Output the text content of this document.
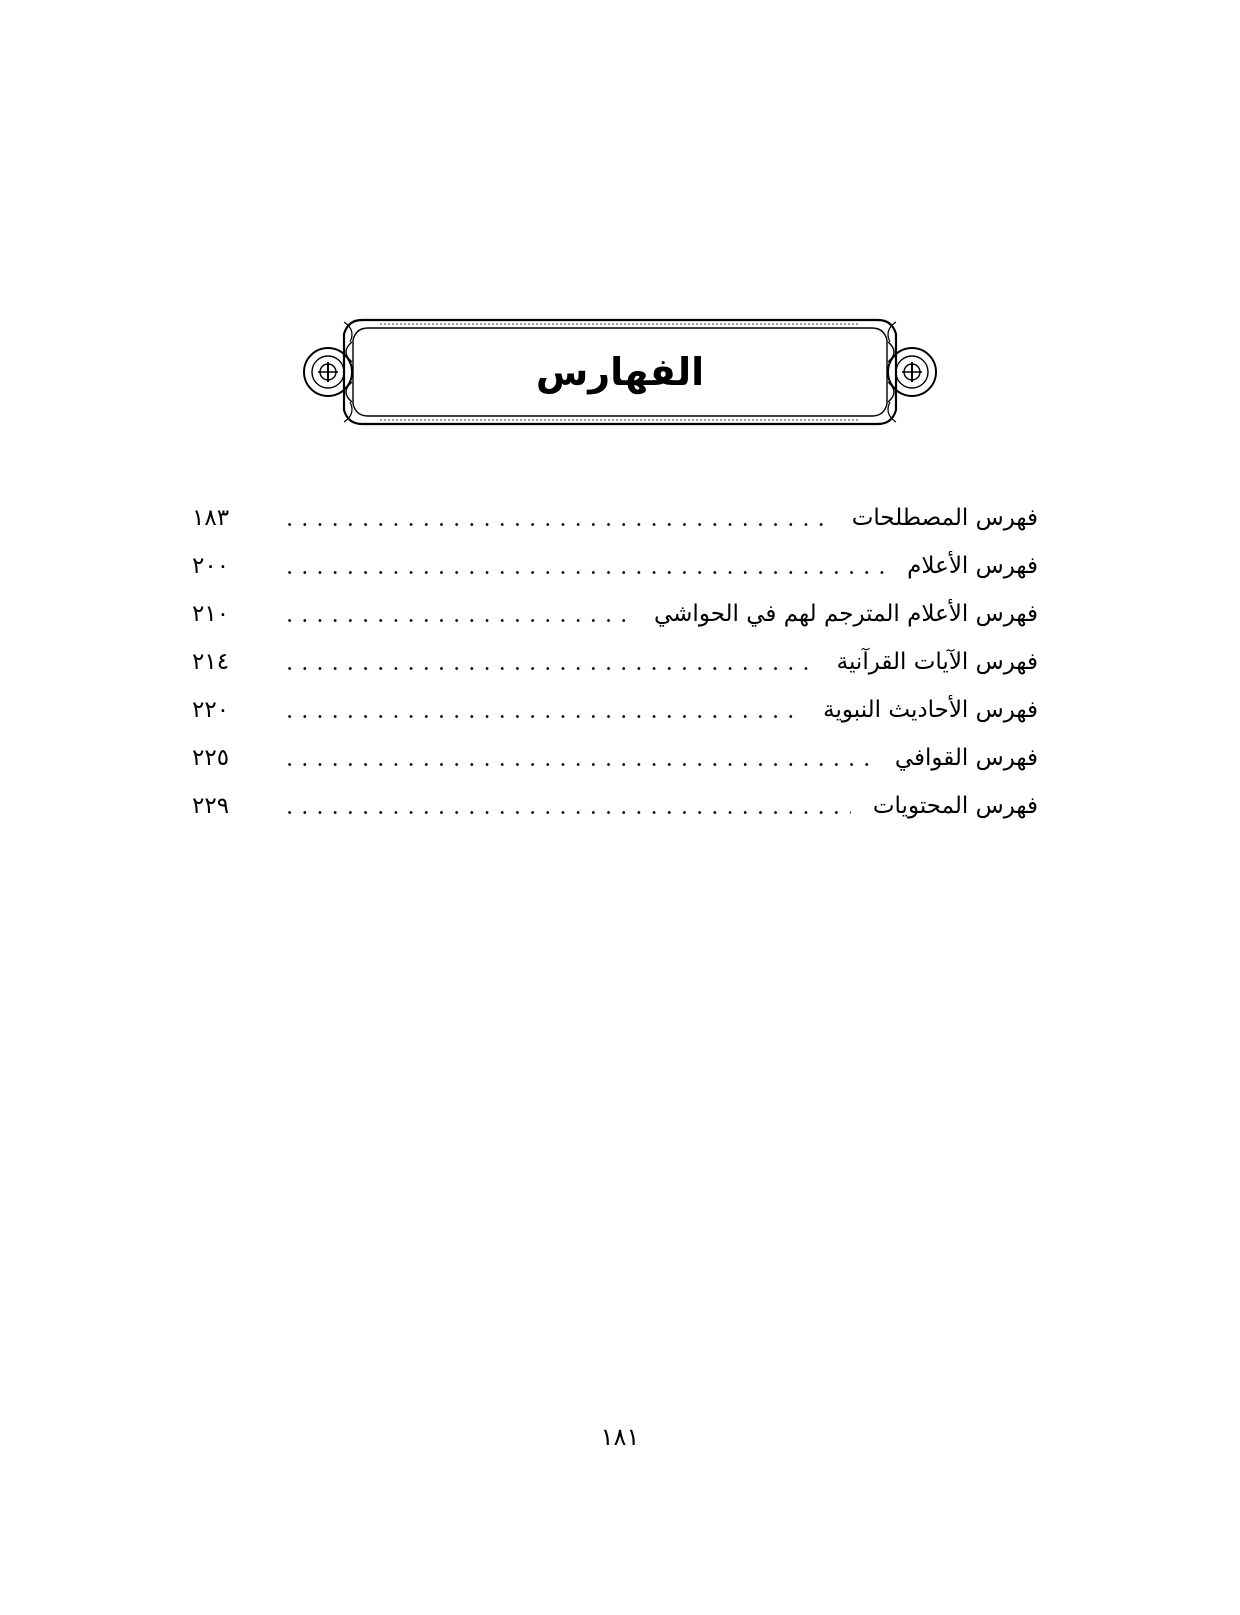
الفهارس
فهرس المصطلحات
١٨٣
فهرس الأعلام
٢٠٠
فهرس الأعلام المترجم لهم في الحواشي
٢١٠
فهرس الآيات القرآنية
٢١٤
فهرس الأحاديث النبوية
٢٢٠
فهرس القوافي
٢٢٥
فهرس المحتويات
٢٢٩
١٨١
